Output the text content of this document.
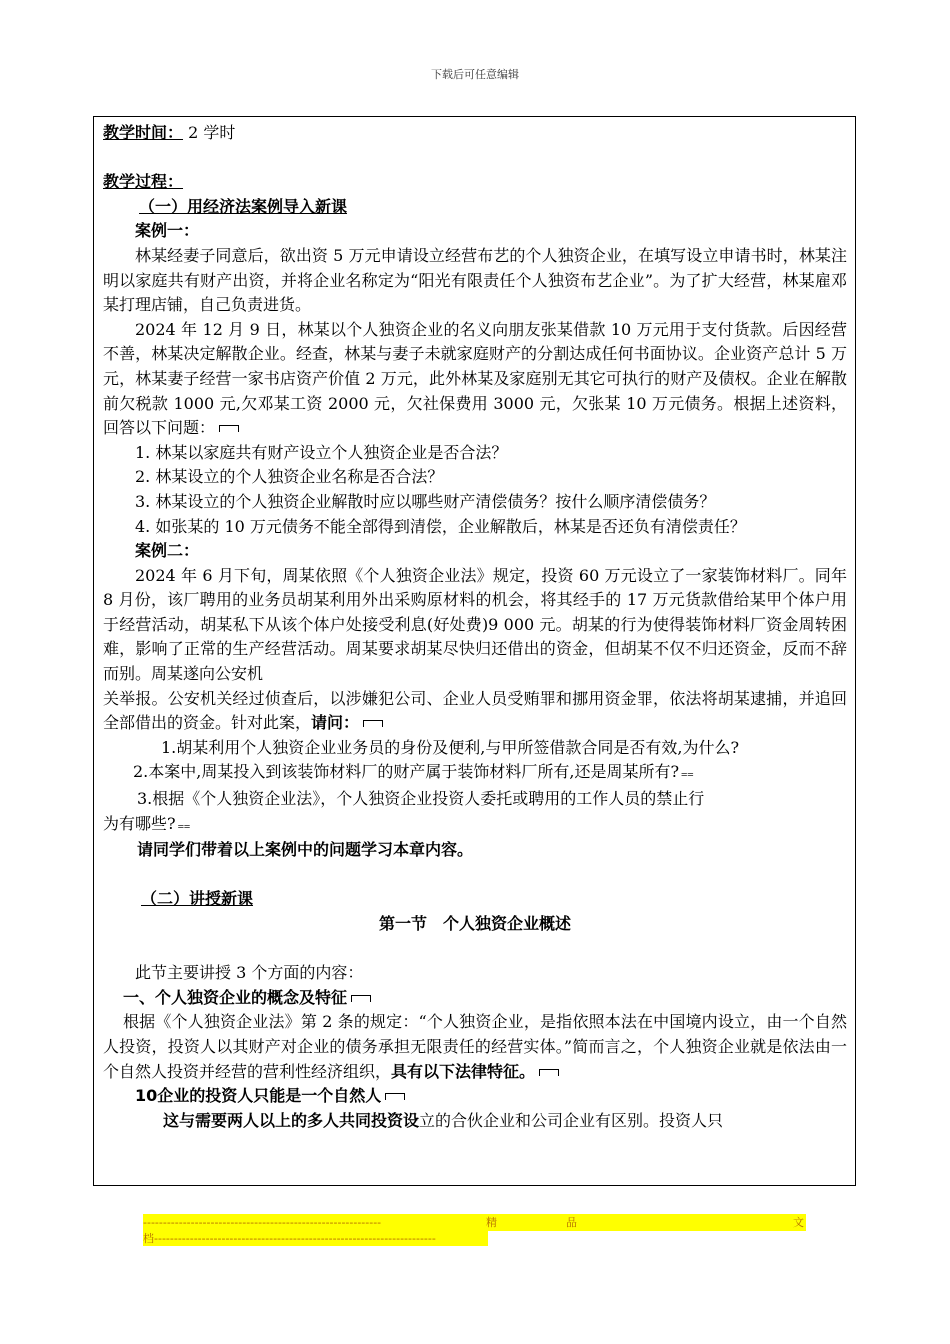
下载后可任意编辑

教学时间： 2 学时

教学过程：

（一）用经济法案例导入新课

案例一：

林某经妻子同意后，欲出资 5 万元申请设立经营布艺的个人独资企业，在填写设立申请书时，林某注明以家庭共有财产出资，并将企业名称定为“阳光有限责任个人独资布艺企业”。为了扩大经营，林某雇邓某打理店铺，自己负责进货。

2024 年 12 月 9 日，林某以个人独资企业的名义向朋友张某借款 10 万元用于支付货款。后因经营不善，林某决定解散企业。经查，林某与妻子未就家庭财产的分割达成任何书面协议。企业资产总计 5 万元，林某妻子经营一家书店资产价值 2 万元，此外林某及家庭别无其它可执行的财产及债权。企业在解散前欠税款 1000 元,欠邓某工资 2000 元，欠社保费用 3000 元，欠张某 10 万元债务。根据上述资料，回答以下问题：

1. 林某以家庭共有财产设立个人独资企业是否合法？

2. 林某设立的个人独资企业名称是否合法？

3. 林某设立的个人独资企业解散时应以哪些财产清偿债务？按什么顺序清偿债务？

4. 如张某的 10 万元债务不能全部得到清偿，企业解散后，林某是否还负有清偿责任？

案例二：

2024 年 6 月下旬，周某依照《个人独资企业法》规定，投资 60 万元设立了一家装饰材料厂。同年 8 月份，该厂聘用的业务员胡某利用外出采购原材料的机会，将其经手的 17 万元货款借给某甲个体户用于经营活动，胡某私下从该个体户处接受利息(好处费)9 000 元。胡某的行为使得装饰材料厂资金周转困难，影响了正常的生产经营活动。周某要求胡某尽快归还借出的资金，但胡某不仅不归还资金，反而不辞而别。周某遂向公安机

关举报。公安机关经过侦查后，以涉嫌犯公司、企业人员受贿罪和挪用资金罪，依法将胡某逮捕，并追回全部借出的资金。针对此案，请问：

1.胡某利用个人独资企业业务员的身份及便利,与甲所签借款合同是否有效,为什么?

2.本案中,周某投入到该装饰材料厂的财产属于装饰材料厂所有,还是周某所有? ⩵

3.根据《个人独资企业法》，个人独资企业投资人委托或聘用的工作人员的禁止行

为有哪些? ⩵

请同学们带着以上案例中的问题学习本章内容。

（二）讲授新课

第一节　个人独资企业概述

此节主要讲授 3 个方面的内容：

一、个人独资企业的概念及特征

根据《个人独资企业法》第 2 条的规定：“个人独资企业，是指依照本法在中国境内设立，由一个自然人投资，投资人以其财产对企业的债务承担无限责任的经营实体。”简而言之，个人独资企业就是依法由一个自然人投资并经营的营利性经济组织，具有以下法律特征。

10企业的投资人只能是一个自然人

这与需要两人以上的多人共同投资设立的合伙企业和公司企业有区别。投资人只

------------------------------------------------------------	精	品	文
档-----------------------------------------------------------------------
